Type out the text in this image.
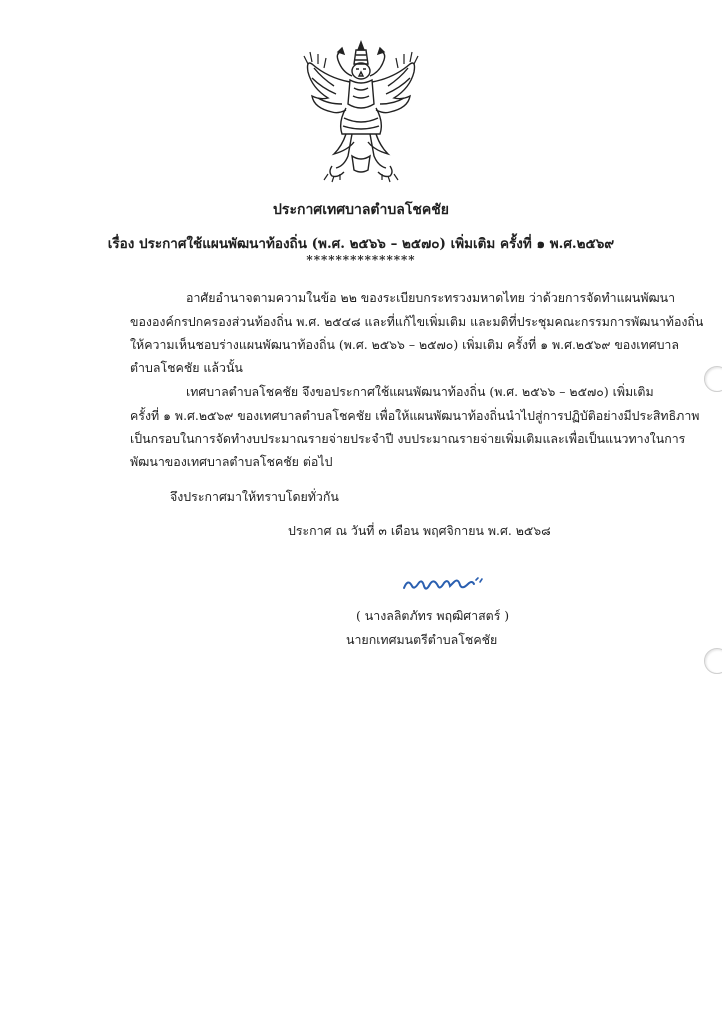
ประกาศเทศบาลตำบลโชคชัย
เรื่อง ประกาศใช้แผนพัฒนาท้องถิ่น (พ.ศ. ๒๕๖๖ – ๒๕๗๐) เพิ่มเติม ครั้งที่ ๑ พ.ศ.๒๕๖๙
***************
อาศัยอำนาจตามความในข้อ ๒๒ ของระเบียบกระทรวงมหาดไทย ว่าด้วยการจัดทำแผนพัฒนา
ขององค์กรปกครองส่วนท้องถิ่น พ.ศ. ๒๕๔๘ และที่แก้ไขเพิ่มเติม และมติที่ประชุมคณะกรรมการพัฒนาท้องถิ่น
ให้ความเห็นชอบร่างแผนพัฒนาท้องถิ่น (พ.ศ. ๒๕๖๖ – ๒๕๗๐) เพิ่มเติม ครั้งที่ ๑ พ.ศ.๒๕๖๙ ของเทศบาล
ตำบลโชคชัย แล้วนั้น
เทศบาลตำบลโชคชัย จึงขอประกาศใช้แผนพัฒนาท้องถิ่น (พ.ศ. ๒๕๖๖ – ๒๕๗๐) เพิ่มเติม
ครั้งที่ ๑ พ.ศ.๒๕๖๙ ของเทศบาลตำบลโชคชัย เพื่อให้แผนพัฒนาท้องถิ่นนำไปสู่การปฏิบัติอย่างมีประสิทธิภาพ
เป็นกรอบในการจัดทำงบประมาณรายจ่ายประจำปี งบประมาณรายจ่ายเพิ่มเติมและเพื่อเป็นแนวทางในการ
พัฒนาของเทศบาลตำบลโชคชัย ต่อไป
จึงประกาศมาให้ทราบโดยทั่วกัน
ประกาศ ณ วันที่ ๓ เดือน พฤศจิกายน พ.ศ. ๒๕๖๘
( นางลลิตภัทร พฤฒิศาสตร์ )
นายกเทศมนตรีตำบลโชคชัย
